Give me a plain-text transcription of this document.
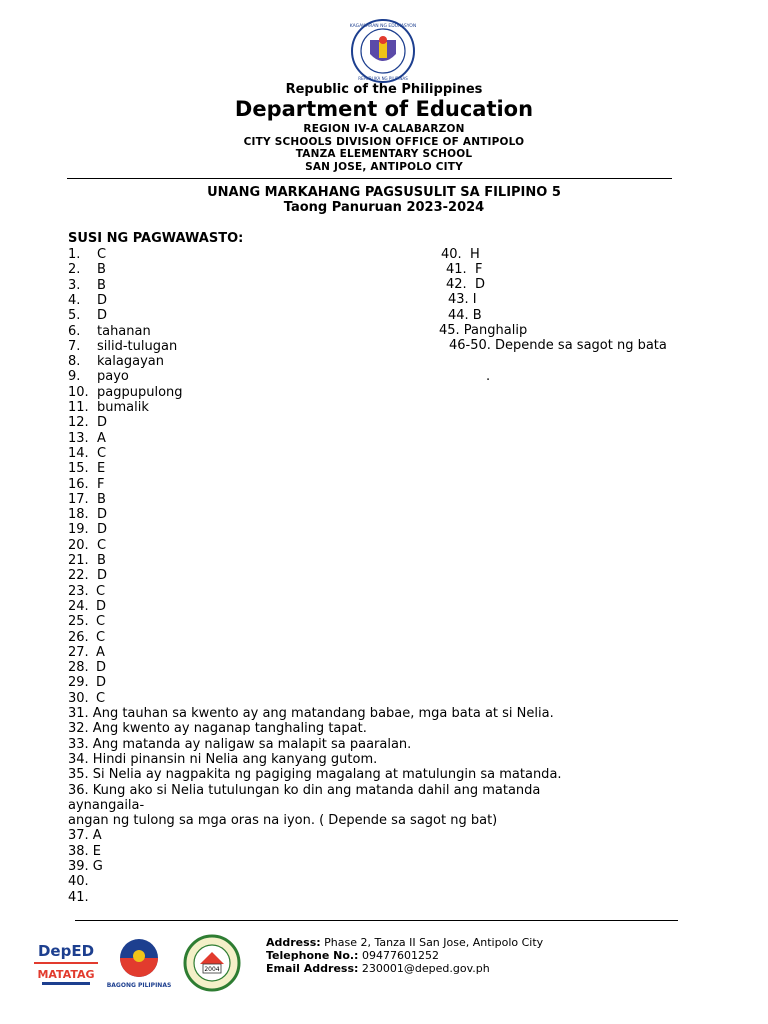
KAGAWARAN NG EDUKASYON
REPUBLIKA NG PILIPINAS
Republic of the Philippines
Department of Education
REGION IV-A CALABARZON
CITY SCHOOLS DIVISION OFFICE OF ANTIPOLO
TANZA ELEMENTARY SCHOOL
SAN JOSE, ANTIPOLO CITY
UNANG MARKAHANG PAGSUSULIT SA FILIPINO 5
Taong Panuruan 2023-2024
SUSI NG PAGWAWASTO:
1. C
2. B
3. B
4. D
5. D
6. tahanan
7. silid-tulugan
8. kalagayan
9. payo
10. pagpupulong
11. bumalik
12. D
13. A
14. C
15. E
16. F
17. B
18. D
19. D
20. C
21. B
22. D
23. C
24. D
25. C
26. C
27. A
28. D
29. D
30. C
40.  H
41.  F
42.  D
43. I
44. B
45. Panghalip
46-50. Depende sa sagot ng bata
.
31. Ang tauhan sa kwento ay ang matandang babae, mga bata at si Nelia.
32. Ang kwento ay naganap tanghaling tapat.
33. Ang matanda ay naligaw sa malapit sa paaralan.
34. Hindi pinansin ni Nelia ang kanyang gutom.
35. Si Nelia ay nagpakita ng pagiging magalang at matulungin sa matanda.
36. Kung ako si Nelia tutulungan ko din ang matanda dahil ang matanda
aynangaila-
angan ng tulong sa mga oras na iyon. ( Depende sa sagot ng bat)
37. A
38. E
39. G
40.
41.
DepED
MATATAG
BAGONG PILIPINAS
2004
Address: Phase 2, Tanza II San Jose, Antipolo City
Telephone No.: 09477601252
Email Address: 230001@deped.gov.ph
